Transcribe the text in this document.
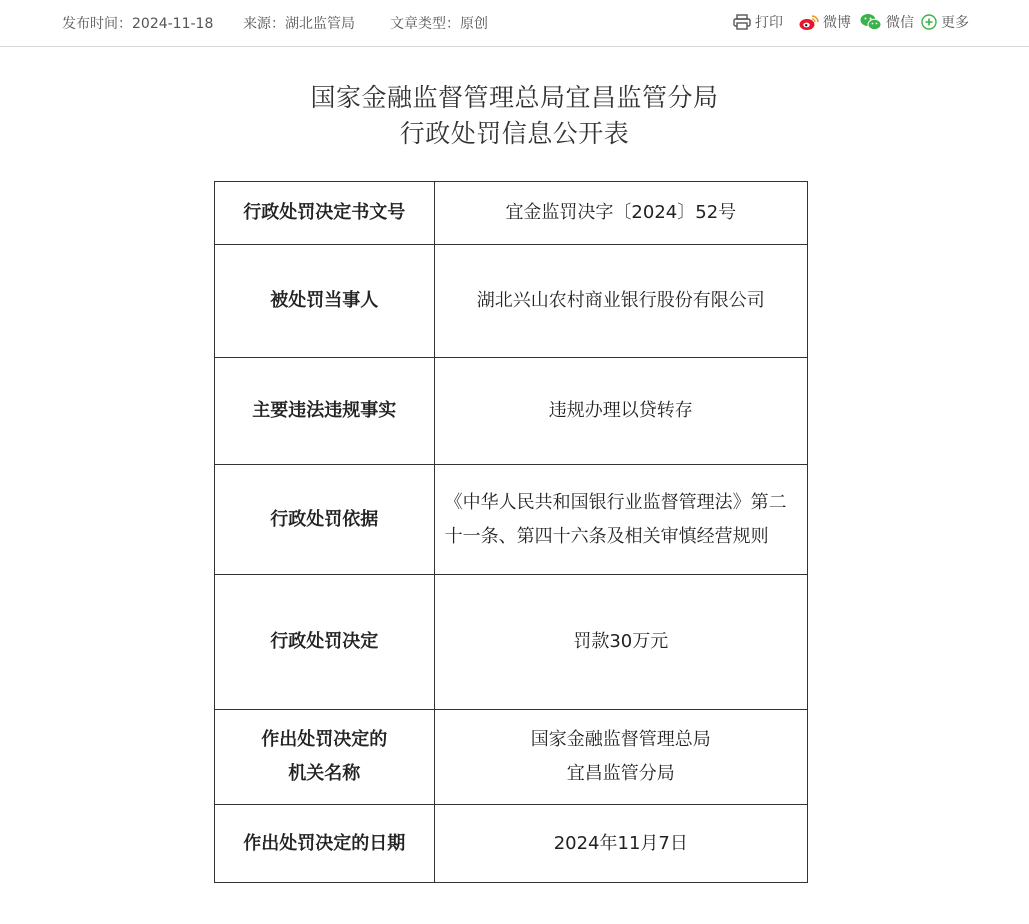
发布时间：2024-11-18 来源：湖北监管局	文章类型：原创	打印	微博	微信 更多
国家金融监督管理总局宜昌监管分局
行政处罚信息公开表
行政处罚决定书文号	宜金监罚决字〔2024〕52号
被处罚当事人	湖北兴山农村商业银行股份有限公司
主要违法违规事实	违规办理以贷转存
行政处罚依据	《中华人民共和国银行业监督管理法》第二
十一条、第四十六条及相关审慎经营规则

行政处罚决定	罚款30万元

作出处罚决定的
机关名称	国家金融监督管理总局
宜昌监管分局

作出处罚决定的日期	2024年11月7日
